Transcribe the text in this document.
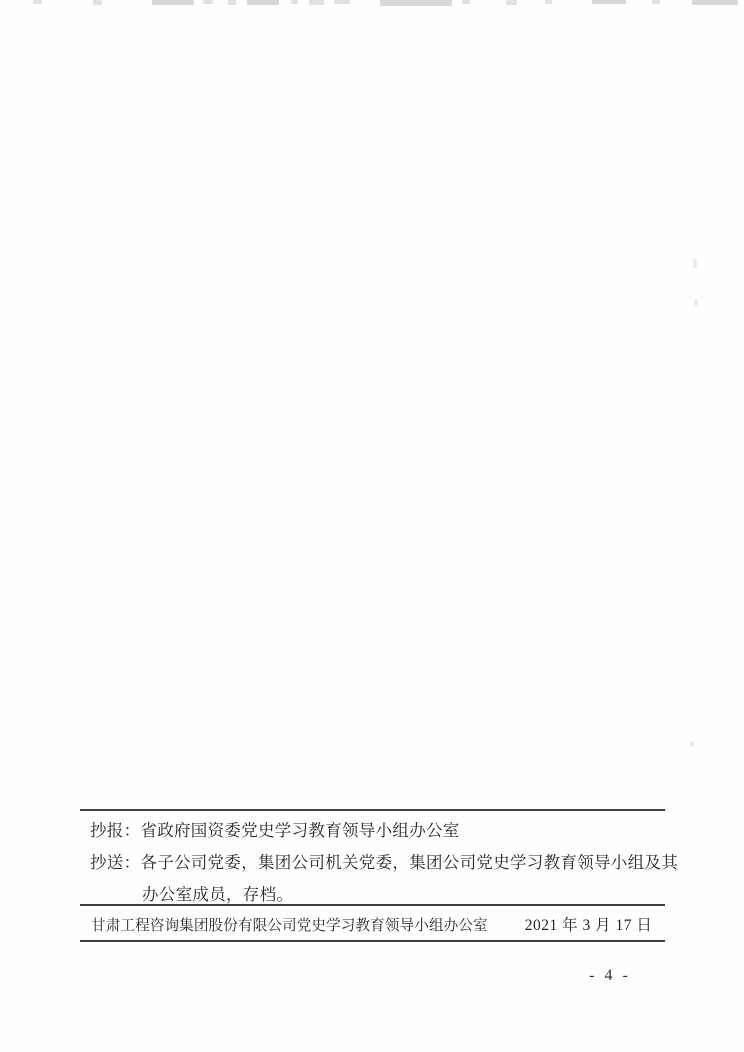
抄报：省政府国资委党史学习教育领导小组办公室
抄送：各子公司党委，集团公司机关党委，集团公司党史学习教育领导小组及其
办公室成员，存档。
甘肃工程咨询集团股份有限公司党史学习教育领导小组办公室 2021 年 3 月 17 日
- 4 -
